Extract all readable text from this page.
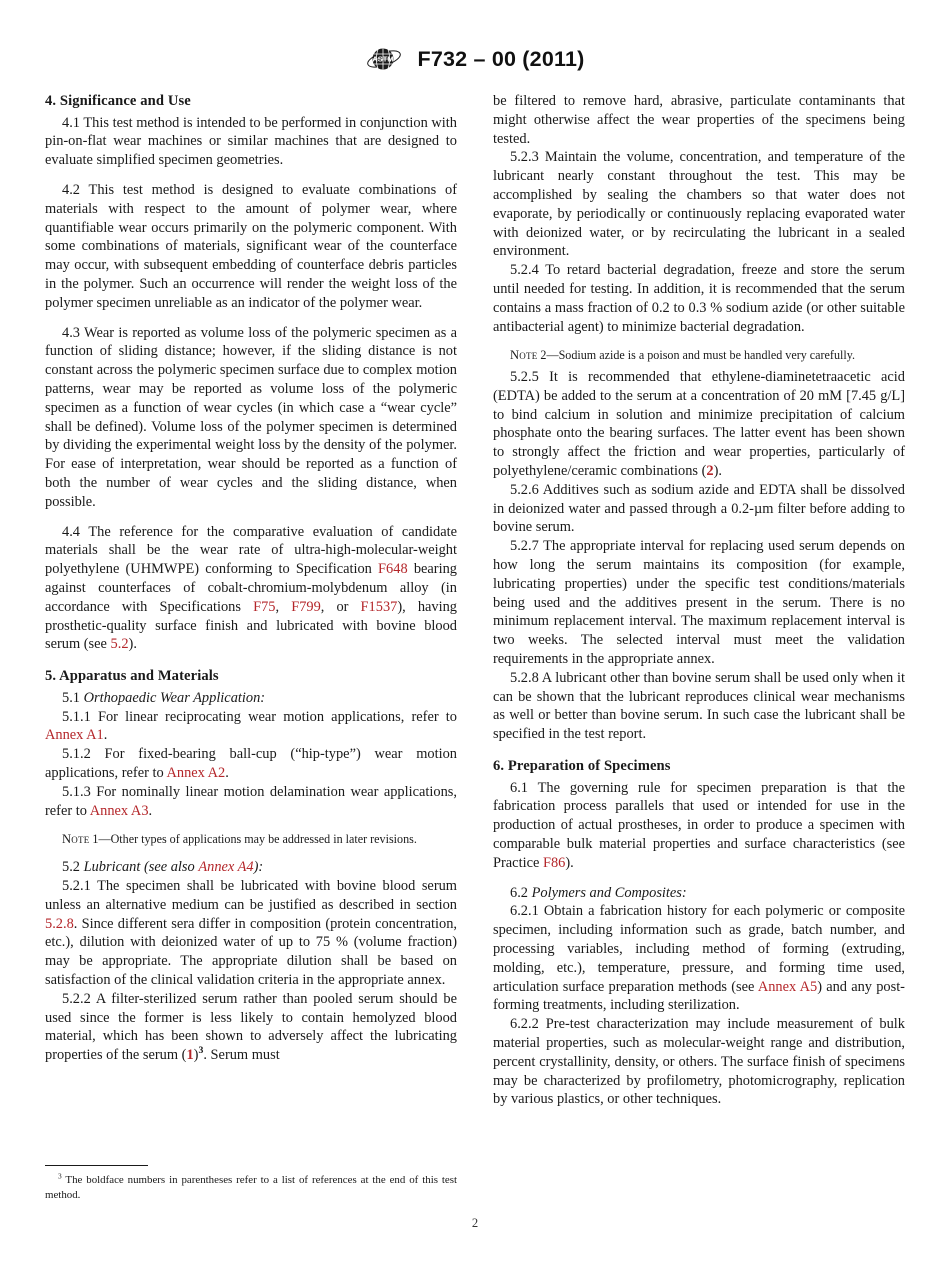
ASTM F732 – 00 (2011)
4. Significance and Use

4.1 This test method is intended to be performed in conjunction with pin-on-flat wear machines or similar machines that are designed to evaluate simplified specimen geometries.

4.2 This test method is designed to evaluate combinations of materials with respect to the amount of polymer wear, where quantifiable wear occurs primarily on the polymeric component. With some combinations of materials, significant wear of the counterface may occur, with subsequent embedding of counterface debris particles in the polymer. Such an occurrence will render the weight loss of the polymer specimen unreliable as an indicator of the polymer wear.

4.3 Wear is reported as volume loss of the polymeric specimen as a function of sliding distance; however, if the sliding distance is not constant across the polymeric specimen surface due to complex motion patterns, wear may be reported as volume loss of the polymeric specimen as a function of wear cycles (in which case a “wear cycle” shall be defined). Volume loss of the polymer specimen is determined by dividing the experimental weight loss by the density of the polymer. For ease of interpretation, wear should be reported as a function of both the number of wear cycles and the sliding distance, when possible.

4.4 The reference for the comparative evaluation of candidate materials shall be the wear rate of ultra-high-molecular-weight polyethylene (UHMWPE) conforming to Specification F648 bearing against counterfaces of cobalt-chromium-molybdenum alloy (in accordance with Specifications F75, F799, or F1537), having prosthetic-quality surface finish and lubricated with bovine blood serum (see 5.2).

5. Apparatus and Materials

5.1 Orthopaedic Wear Application:

5.1.1 For linear reciprocating wear motion applications, refer to Annex A1.

5.1.2 For fixed-bearing ball-cup (“hip-type”) wear motion applications, refer to Annex A2.

5.1.3 For nominally linear motion delamination wear applications, refer to Annex A3.

Note 1—Other types of applications may be addressed in later revisions.

5.2 Lubricant (see also Annex A4):

5.2.1 The specimen shall be lubricated with bovine blood serum unless an alternative medium can be justified as described in section 5.2.8. Since different sera differ in composition (protein concentration, etc.), dilution with deionized water of up to 75 % (volume fraction) may be appropriate. The appropriate dilution shall be based on satisfaction of the clinical validation criteria in the appropriate annex.

5.2.2 A filter-sterilized serum rather than pooled serum should be used since the former is less likely to contain hemolyzed blood material, which has been shown to adversely affect the lubricating properties of the serum (1)$^3$. Serum must

$^3$ The boldface numbers in parentheses refer to a list of references at the end of this test method.

be filtered to remove hard, abrasive, particulate contaminants that might otherwise affect the wear properties of the specimens being tested.

5.2.3 Maintain the volume, concentration, and temperature of the lubricant nearly constant throughout the test. This may be accomplished by sealing the chambers so that water does not evaporate, by periodically or continuously replacing evaporated water with deionized water, or by recirculating the lubricant in a sealed environment.

5.2.4 To retard bacterial degradation, freeze and store the serum until needed for testing. In addition, it is recommended that the serum contains a mass fraction of 0.2 to 0.3 % sodium azide (or other suitable antibacterial agent) to minimize bacterial degradation.

Note 2—Sodium azide is a poison and must be handled very carefully.

5.2.5 It is recommended that ethylene-diaminetetraacetic acid (EDTA) be added to the serum at a concentration of 20 mM [7.45 g/L] to bind calcium in solution and minimize precipitation of calcium phosphate onto the bearing surfaces. The latter event has been shown to strongly affect the friction and wear properties, particularly of polyethylene/ceramic combinations (2).

5.2.6 Additives such as sodium azide and EDTA shall be dissolved in deionized water and passed through a 0.2-µm filter before adding to bovine serum.

5.2.7 The appropriate interval for replacing used serum depends on how long the serum maintains its composition (for example, lubricating properties) under the specific test conditions/materials being used and the additives present in the serum. There is no minimum replacement interval. The maximum replacement interval is two weeks. The selected interval must meet the validation requirements in the appropriate annex.

5.2.8 A lubricant other than bovine serum shall be used only when it can be shown that the lubricant reproduces clinical wear mechanisms as well or better than bovine serum. In such case the lubricant shall be specified in the test report.

6. Preparation of Specimens

6.1 The governing rule for specimen preparation is that the fabrication process parallels that used or intended for use in the production of actual prostheses, in order to produce a specimen with comparable bulk material properties and surface characteristics (see Practice F86).

6.2 Polymers and Composites:

6.2.1 Obtain a fabrication history for each polymeric or composite specimen, including information such as grade, batch number, and processing variables, including method of forming (extruding, molding, etc.), temperature, pressure, and forming time used, articulation surface preparation methods (see Annex A5) and any post-forming treatments, including sterilization.

6.2.2 Pre-test characterization may include measurement of bulk material properties, such as molecular-weight range and distribution, percent crystallinity, density, or others. The surface finish of specimens may be characterized by profilometry, photomicrography, replication by various plastics, or other techniques.

2
